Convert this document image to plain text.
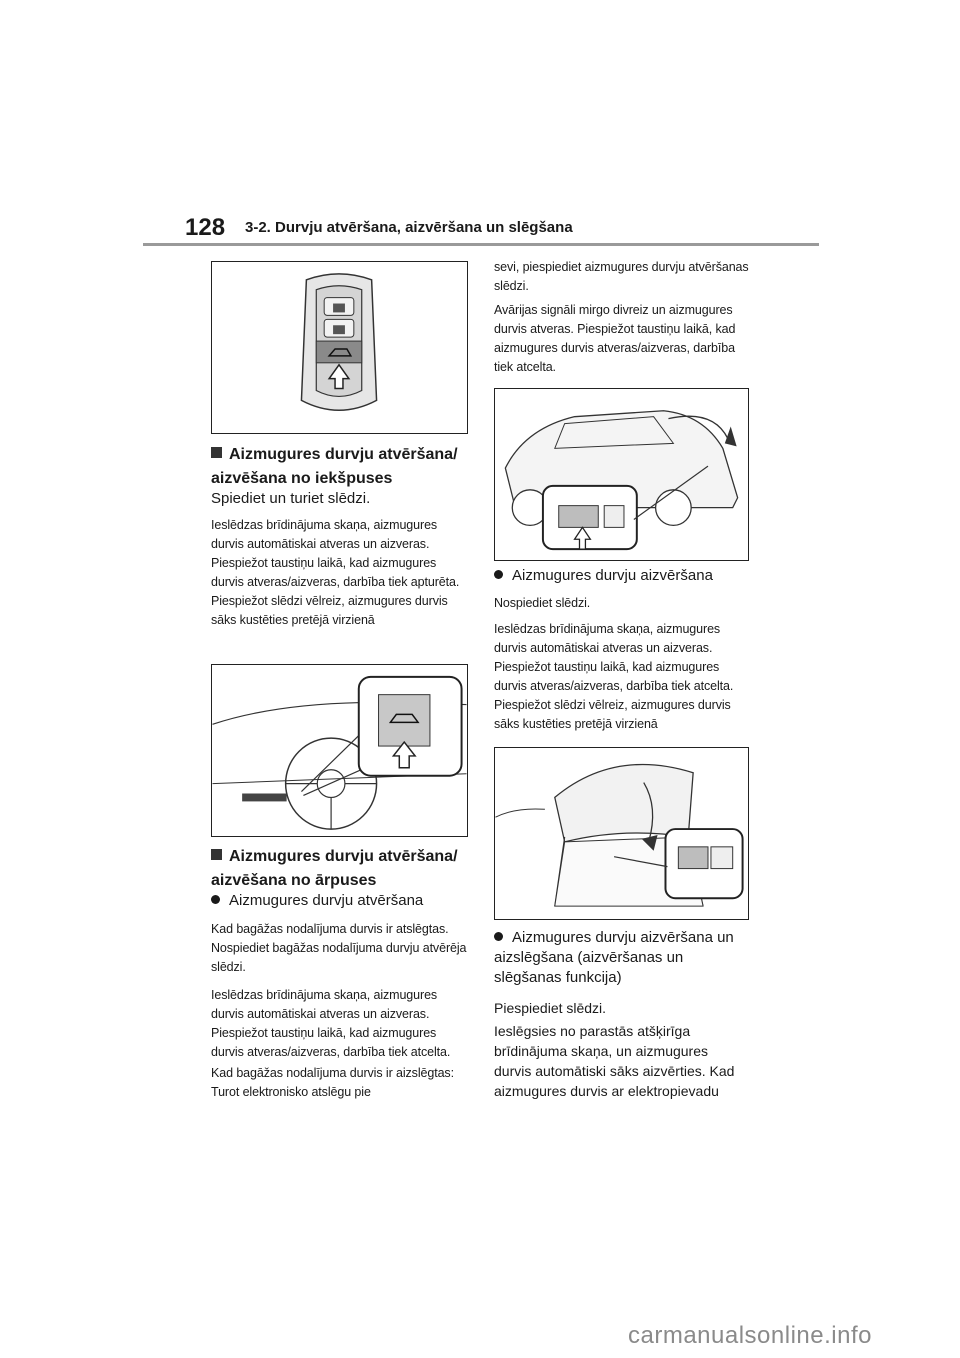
128 3-2. Durvju atvēršana, aizvēršana un slēgšana
Aizmugures durvju atvēršana/ aizvēšana no iekšpuses

Spiediet un turiet slēdzi.

Ieslēdzas brīdinājuma skaņa, aizmugures durvis automātiskai atveras un aizveras. Piespiežot taustiņu laikā, kad aizmugures durvis atveras/aizveras, darbība tiek apturēta. Piespiežot slēdzi vēlreiz, aizmugures durvis sāks kustēties pretējā virzienā

Aizmugures durvju atvēršana/ aizvēšana no ārpuses

Aizmugures durvju atvēršana

Kad bagāžas nodalījuma durvis ir atslēgtas. Nospiediet bagāžas nodalījuma durvju atvērēja slēdzi.

Ieslēdzas brīdinājuma skaņa, aizmugures durvis automātiskai atveras un aizveras. Piespiežot taustiņu laikā, kad aizmugures durvis atveras/aizveras, darbība tiek atcelta.

Kad bagāžas nodalījuma durvis ir aizslēgtas: Turot elektronisko atslēgu pie

sevi, piespiediet aizmugures durvju atvēršanas slēdzi.

Avārijas signāli mirgo divreiz un aizmugures durvis atveras. Piespiežot taustiņu laikā, kad aizmugures durvis atveras/aizveras, darbība tiek atcelta.

Aizmugures durvju aizvēršana

Nospiediet slēdzi.

Ieslēdzas brīdinājuma skaņa, aizmugures durvis automātiskai atveras un aizveras. Piespiežot taustiņu laikā, kad aizmugures durvis atveras/aizveras, darbība tiek atcelta. Piespiežot slēdzi vēlreiz, aizmugures durvis sāks kustēties pretējā virzienā

Aizmugures durvju aizvēršana un aizslēgšana (aizvēršanas un slēgšanas funkcija)

Piespiediet slēdzi.

Ieslēgsies no parastās atšķirīga brīdinājuma skaņa, un aizmugures durvis automātiski sāks aizvērties. Kad aizmugures durvis ar elektropievadu

carmanualsonline.info
